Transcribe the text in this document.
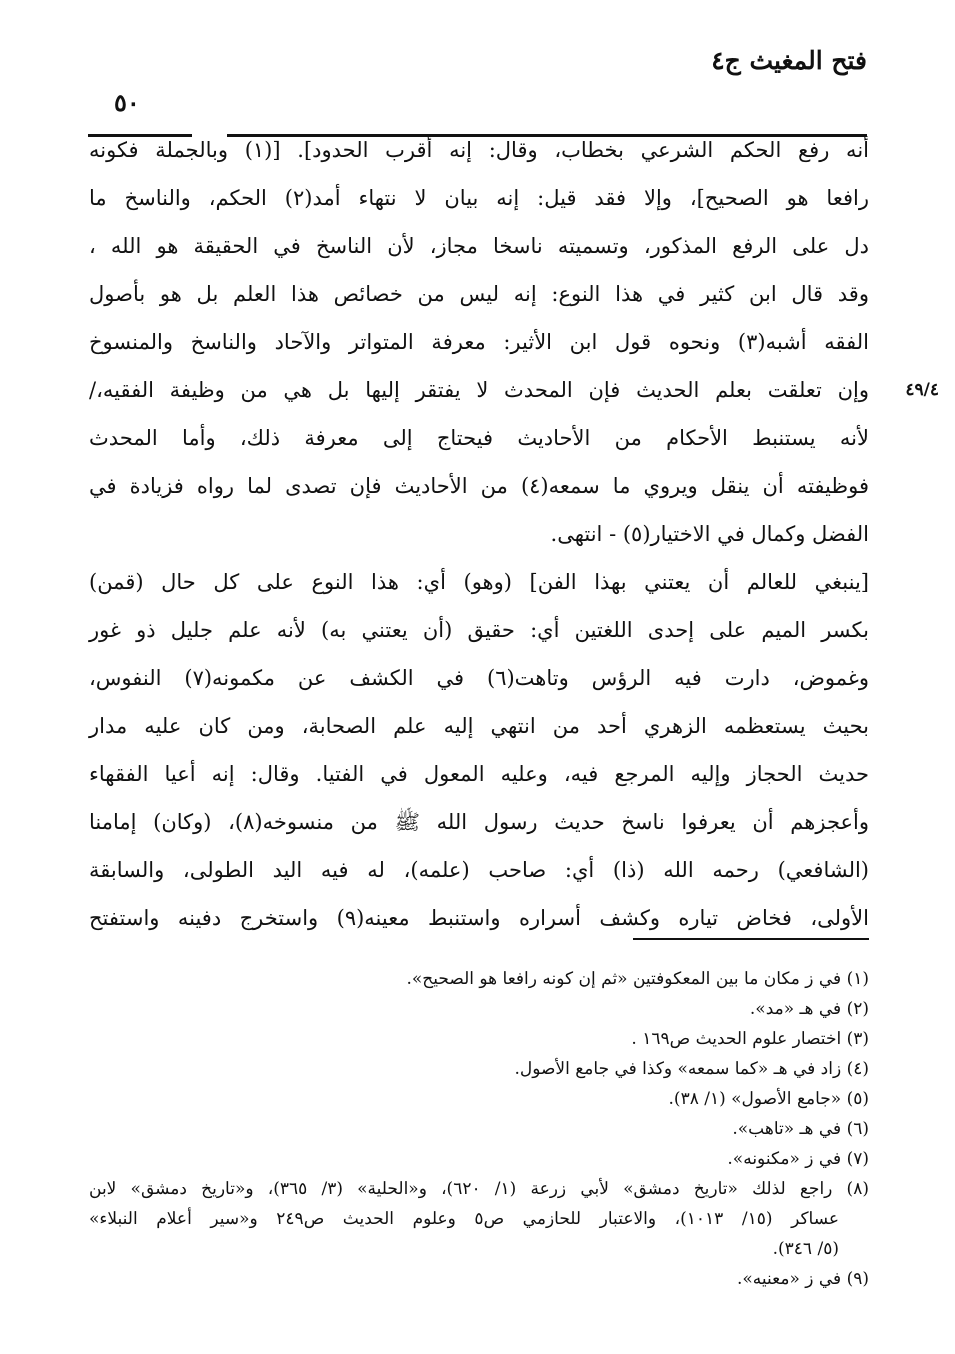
فتح المغيث ج٤
٥٠
أنه رفع الحكم الشرعي بخطاب، وقال: إنه أقرب الحدود]. [(١) وبالجملة فكونه
رافعا هو الصحيح]، وإلا فقد قيل: إنه بيان لا نتهاء أمد(٢) الحكم، والناسخ ما
دل على الرفع المذكور، وتسميته ناسخا مجاز، لأن الناسخ في الحقيقة هو الله ،
وقد قال ابن كثير في هذا النوع: إنه ليس من خصائص هذا العلم بل هو بأصول
الفقه أشبه(٣) ونحوه قول ابن الأثير: معرفة المتواتر والآحاد والناسخ والمنسوخ
وإن تعلقت بعلم الحديث فإن المحدث لا يفتقر إليها بل هي من وظيفة الفقيه،/ ٤٩/٤
لأنه يستنبط الأحكام من الأحاديث فيحتاج إلى معرفة ذلك، وأما المحدث
فوظيفته أن ينقل ويروي ما سمعه(٤) من الأحاديث فإن تصدى لما رواه فزيادة في
الفضل وكمال في الاختيار(٥) - انتهى.
[ينبغي للعالم أن يعتني بهذا الفن] (وهو) أي: هذا النوع على كل حال (قمن)
بكسر الميم على إحدى اللغتين أي: حقيق (أن يعتني به) لأنه علم جليل ذو غور
وغموض، دارت فيه الرؤس وتاهت(٦) في الكشف عن مكمونه(٧) النفوس،
بحيث يستعظمه الزهري أحد من انتهي إليه علم الصحابة، ومن كان عليه مدار
حديث الحجاز وإليه المرجع فيه، وعليه المعول في الفتيا. وقال: إنه أعيا الفقهاء
وأعجزهم أن يعرفوا ناسخ حديث رسول الله ﷺ من منسوخه(٨)، (وكان) إمامنا
(الشافعي) رحمه الله (ذا) أي: صاحب (علمه)، له فيه اليد الطولى، والسابقة
الأولى، فخاض تياره وكشف أسراره واستنبط معينه(٩) واستخرج دفينه واستفتح
(١) في ز مكان ما بين المعكوفتين «ثم إن كونه رافعا هو الصحيح».
(٢) في هـ «مد».
(٣) اختصار علوم الحديث ص١٦٩ .
(٤) زاد في هـ «كما سمعه» وكذا في جامع الأصول.
(٥) «جامع الأصول» (١/ ٣٨).
(٦) في هـ «تاهب».
(٧) في ز «مكنونه».
(٨) راجع لذلك «تاريخ دمشق» لأبي زرعة (١/ ٦٢٠)، و«الحلية» (٣/ ٣٦٥)، و«تاريخ دمشق» لابن
عساكر (١٥/ ١٠١٣)، والاعتبار للحازمي ص٥ وعلوم الحديث ص٢٤٩ و«سير أعلام النبلاء»
(٥/ ٣٤٦).
(٩) في ز «معنيه».
